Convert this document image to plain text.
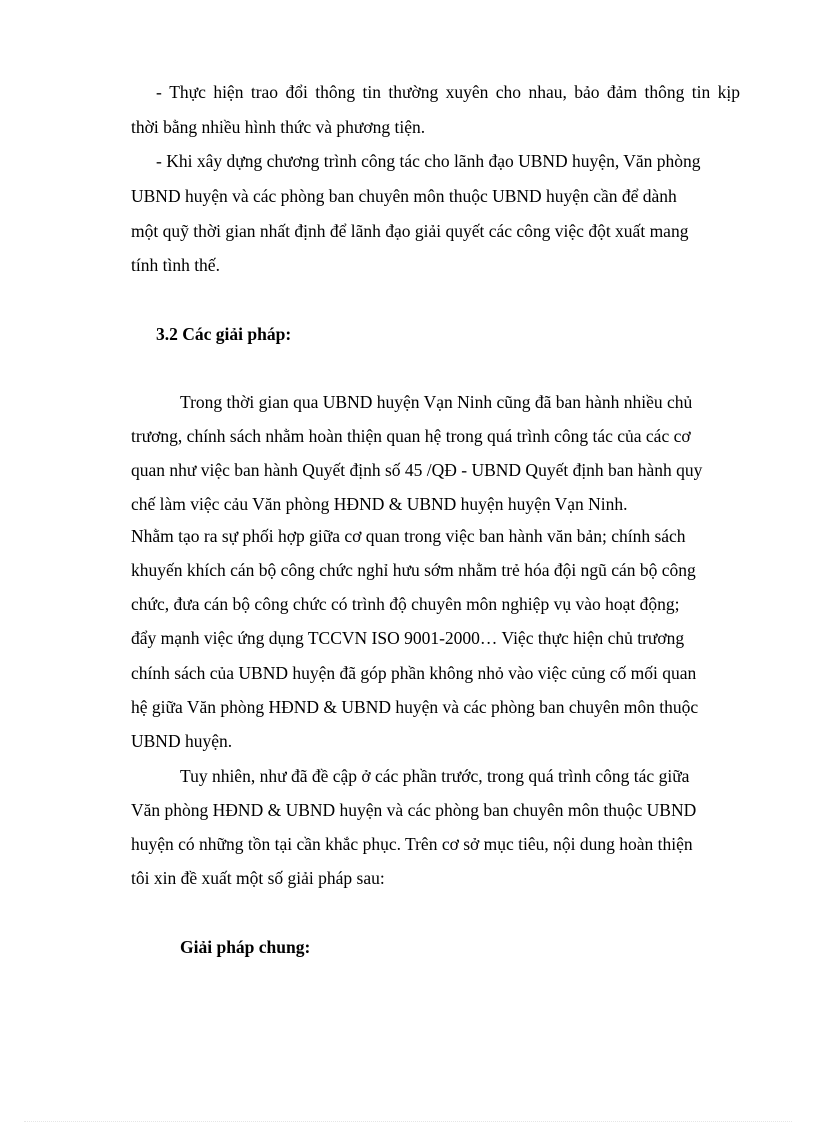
- Thực hiện trao đổi thông tin thường xuyên cho nhau, bảo đảm thông tin kịp
thời bằng nhiều hình thức và phương tiện.
- Khi xây dựng chương trình công tác cho lãnh đạo UBND huyện, Văn phòng
UBND huyện và các phòng ban chuyên môn thuộc UBND huyện cần để dành
một quỹ thời gian nhất định để lãnh đạo giải quyết các công việc đột xuất mang
tính tình thế.
3.2 Các giải pháp:
Trong thời gian qua UBND huyện Vạn Ninh cũng đã ban hành nhiều chủ
trương, chính sách nhằm hoàn thiện quan hệ trong quá trình công tác của các cơ
quan như việc ban hành Quyết định số 45 /QĐ - UBND Quyết định ban hành quy
chế làm việc cảu Văn phòng HĐND & UBND huyện huyện Vạn Ninh.
Nhằm tạo ra sự phối hợp giữa cơ quan trong việc ban hành văn bản; chính sách
khuyến khích cán bộ công chức nghỉ hưu sớm nhằm trẻ hóa đội ngũ cán bộ công
chức, đưa cán bộ công chức có trình độ chuyên môn nghiệp vụ vào hoạt động;
đẩy mạnh việc ứng dụng TCCVN ISO 9001-2000… Việc thực hiện chủ trương
chính sách của UBND huyện đã góp phần không nhỏ vào việc củng cố mối quan
hệ giữa Văn phòng HĐND & UBND huyện và các phòng ban chuyên môn thuộc
UBND huyện.
Tuy nhiên, như đã đề cập ở các phần trước, trong quá trình công tác giữa
Văn phòng HĐND & UBND huyện và các phòng ban chuyên môn thuộc UBND
huyện có những tồn tại cần khắc phục. Trên cơ sở mục tiêu, nội dung hoàn thiện
tôi xin đề xuất một số giải pháp sau:
Giải pháp chung:
